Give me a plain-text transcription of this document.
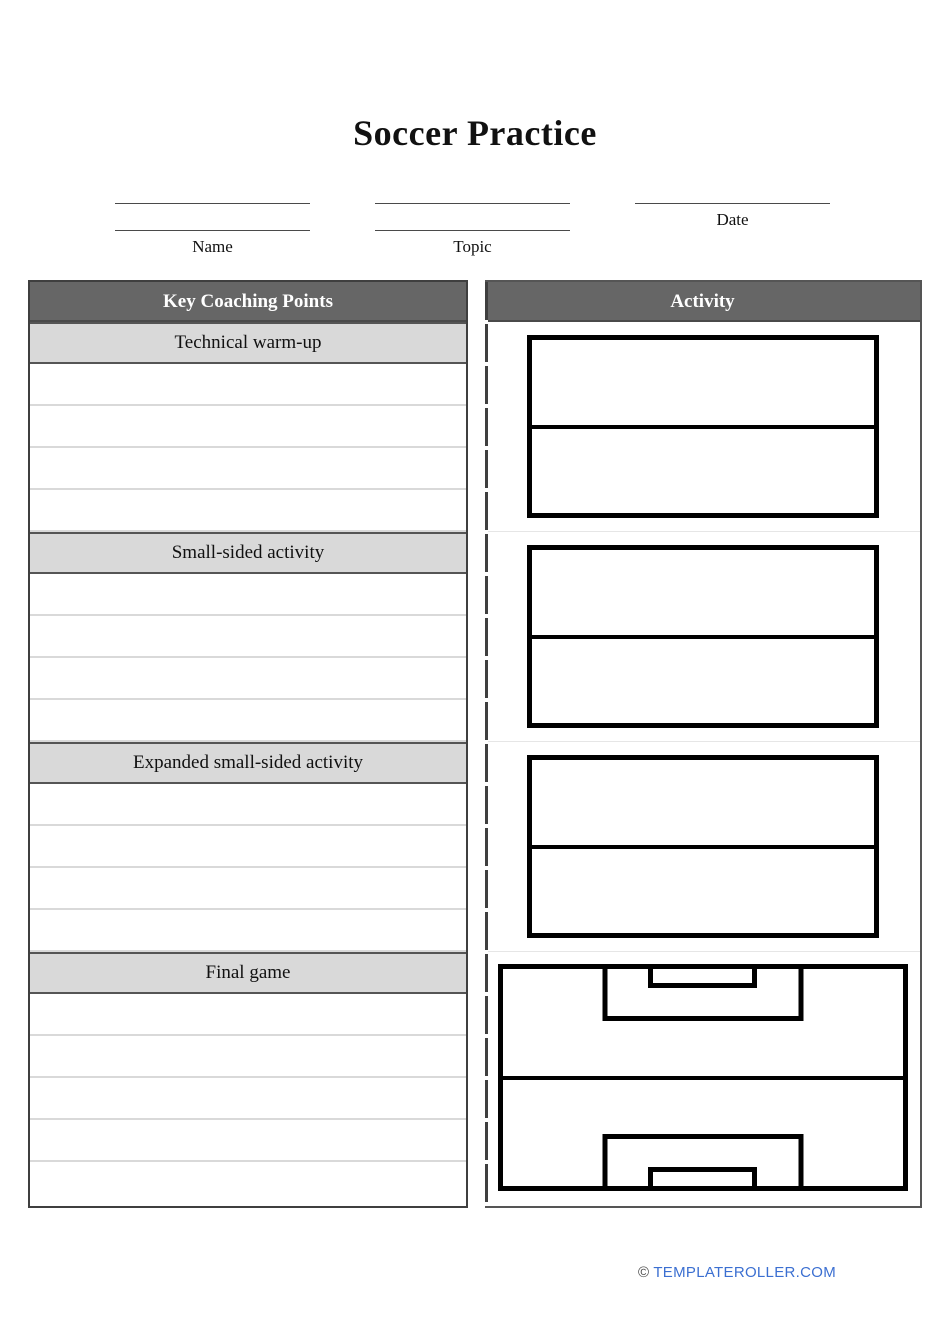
Soccer Practice
Name	Topic
Date
Key Coaching Points
Technical warm-up
Small-sided activity
Expanded small-sided activity
Final game
Activity
© TEMPLATEROLLER.COM
